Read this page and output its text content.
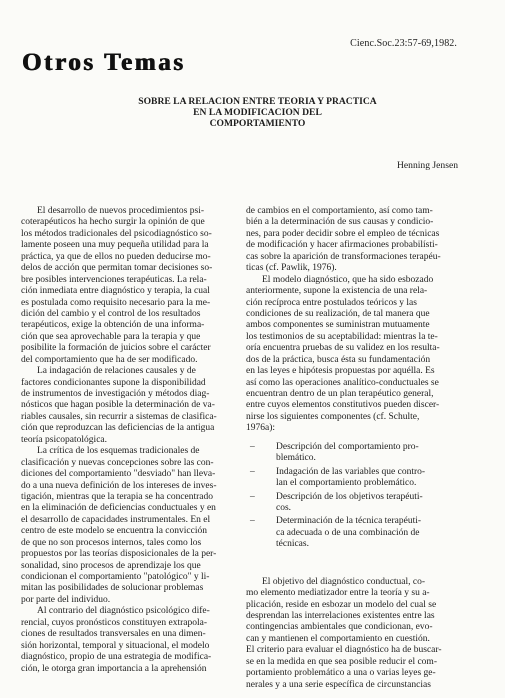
Cienc.Soc.23:57-69,1982.
Otros Temas
SOBRE LA RELACION ENTRE TEORIA Y PRACTICA
EN LA MODIFICACION DEL
COMPORTAMIENTO
Henning Jensen
El desarrollo de nuevos procedimientos psi-
coterapéuticos ha hecho surgir la opinión de que
los métodos tradicionales del psicodiagnóstico so-
lamente poseen una muy pequeña utilidad para la
práctica, ya que de ellos no pueden deducirse mo-
delos de acción que permitan tomar decisiones so-
bre posibles intervenciones terapéuticas. La rela-
ción inmediata entre diagnóstico y terapia, la cual
es postulada como requisito necesario para la me-
dición del cambio y el control de los resultados
terapéuticos, exige la obtención de una informa-
ción que sea aprovechable para la terapia y que
posibilite la formación de juicios sobre el carácter
del comportamiento que ha de ser modificado.
La indagación de relaciones causales y de
factores condicionantes supone la disponibilidad
de instrumentos de investigación y métodos diag-
nósticos que hagan posible la determinación de va-
riables causales, sin recurrir a sistemas de clasifica-
ción que reproduzcan las deficiencias de la antigua
teoría psicopatológica.
La crítica de los esquemas tradicionales de
clasificación y nuevas concepciones sobre las con-
diciones del comportamiento "desviado" han lleva-
do a una nueva definición de los intereses de inves-
tigación, mientras que la terapia se ha concentrado
en la eliminación de deficiencias conductuales y en
el desarrollo de capacidades instrumentales. En el
centro de este modelo se encuentra la convicción
de que no son procesos internos, tales como los
propuestos por las teorías disposicionales de la per-
sonalidad, sino procesos de aprendizaje los que
condicionan el comportamiento "patológico" y li-
mitan las posibilidades de solucionar problemas
por parte del individuo.
Al contrario del diagnóstico psicológico dife-
rencial, cuyos pronósticos constituyen extrapola-
ciones de resultados transversales en una dimen-
sión horizontal, temporal y situacional, el modelo
diagnóstico, propio de una estrategia de modifica-
ción, le otorga gran importancia a la aprehensión
de cambios en el comportamiento, así como tam-
bién a la determinación de sus causas y condicio-
nes, para poder decidir sobre el empleo de técnicas
de modificación y hacer afirmaciones probabilísti-
cas sobre la aparición de transformaciones terapéu-
ticas (cf. Pawlik, 1976).
El modelo diagnóstico, que ha sido esbozado
anteriormente, supone la existencia de una rela-
ción recíproca entre postulados teóricos y las
condiciones de su realización, de tal manera que
ambos componentes se suministran mutuamente
los testimonios de su aceptabilidad: mientras la te-
oría encuentra pruebas de su validez en los resulta-
dos de la práctica, busca ésta su fundamentación
en las leyes e hipótesis propuestas por aquélla. Es
así como las operaciones analítico-conductuales se
encuentran dentro de un plan terapéutico general,
entre cuyos elementos constitutivos pueden discer-
nirse los siguientes componentes (cf. Schulte,
1976a):
– Descripción del comportamiento pro-
blemático.
– Indagación de las variables que contro-
lan el comportamiento problemático.
– Descripción de los objetivos terapéuti-
cos.
– Determinación de la técnica terapéuti-
ca adecuada o de una combinación de
técnicas.
El objetivo del diagnóstico conductual, co-
mo elemento mediatizador entre la teoría y su a-
plicación, reside en esbozar un modelo del cual se
desprendan las interrelaciones existentes entre las
contingencias ambientales que condicionan, evo-
can y mantienen el comportamiento en cuestión.
El criterio para evaluar el diagnóstico ha de buscar-
se en la medida en que sea posible reducir el com-
portamiento problemático a una o varias leyes ge-
nerales y a una serie específica de circunstancias
